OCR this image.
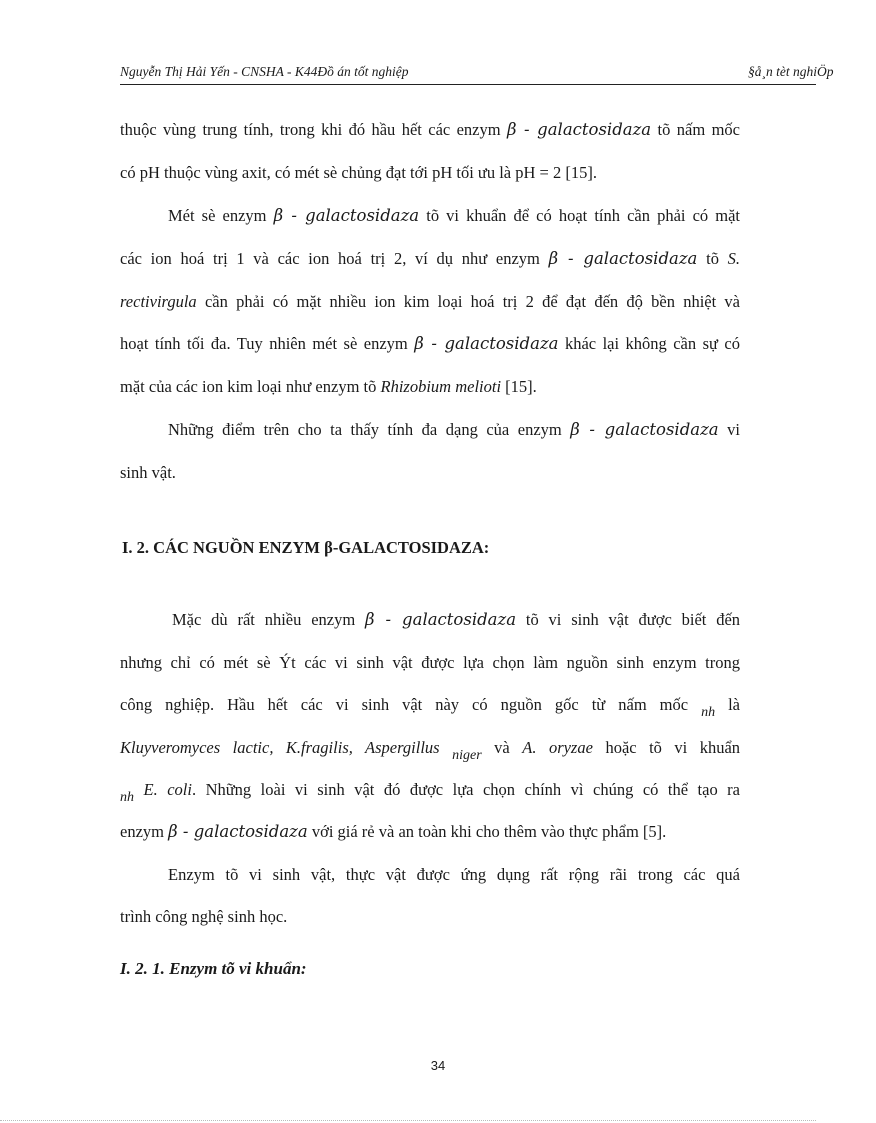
Nguyễn Thị Hải Yến - CNSHA - K44Đồ án tốt nghiệp	§å¸n tèt nghiÖp

thuộc vùng trung tính, trong khi đó hầu hết các enzym β - galactosidaza tõ nấm mốc

có pH thuộc vùng axit, có mét sè chủng đạt tới pH tối ưu là pH = 2 [15].

Mét sè enzym β - galactosidaza tõ vi khuẩn để có hoạt tính cần phải có mặt

các ion hoá trị 1 và các ion hoá trị 2, ví dụ như enzym β - galactosidaza tõ S.

rectivirgula cần phải có mặt nhiều ion kim loại hoá trị 2 để đạt đến độ bền nhiệt và

hoạt tính tối đa. Tuy nhiên mét sè enzym β - galactosidaza khác lại không cần sự có

mặt của các ion kim loại như enzym tõ Rhizobium melioti [15].

Những điểm trên cho ta thấy tính đa dạng của enzym β - galactosidaza vi

sinh vật.

I. 2. CÁC NGUỒN ENZYM β-GALACTOSIDAZA:

Mặc dù rất nhiều enzym β - galactosidaza tõ vi sinh vật được biết đến

nhưng chỉ có mét sè Ýt các vi sinh vật được lựa chọn làm nguồn sinh enzym trong

công nghiệp. Hầu hết các vi sinh vật này có nguồn gốc từ nấm mốc $_{nh}$ là

Kluyveromyces lactic, K.fragilis, Aspergillus $_{niger}$ và A. oryzae hoặc tõ vi khuẩn

$_{nh}$ E. coli. Những loài vi sinh vật đó được lựa chọn chính vì chúng có thể tạo ra

enzym β - galactosidaza với giá rẻ và an toàn khi cho thêm vào thực phẩm [5].

Enzym tõ vi sinh vật, thực vật được ứng dụng rất rộng rãi trong các quá

trình công nghệ sinh học.

I. 2. 1. Enzym tõ vi khuẩn:
34
